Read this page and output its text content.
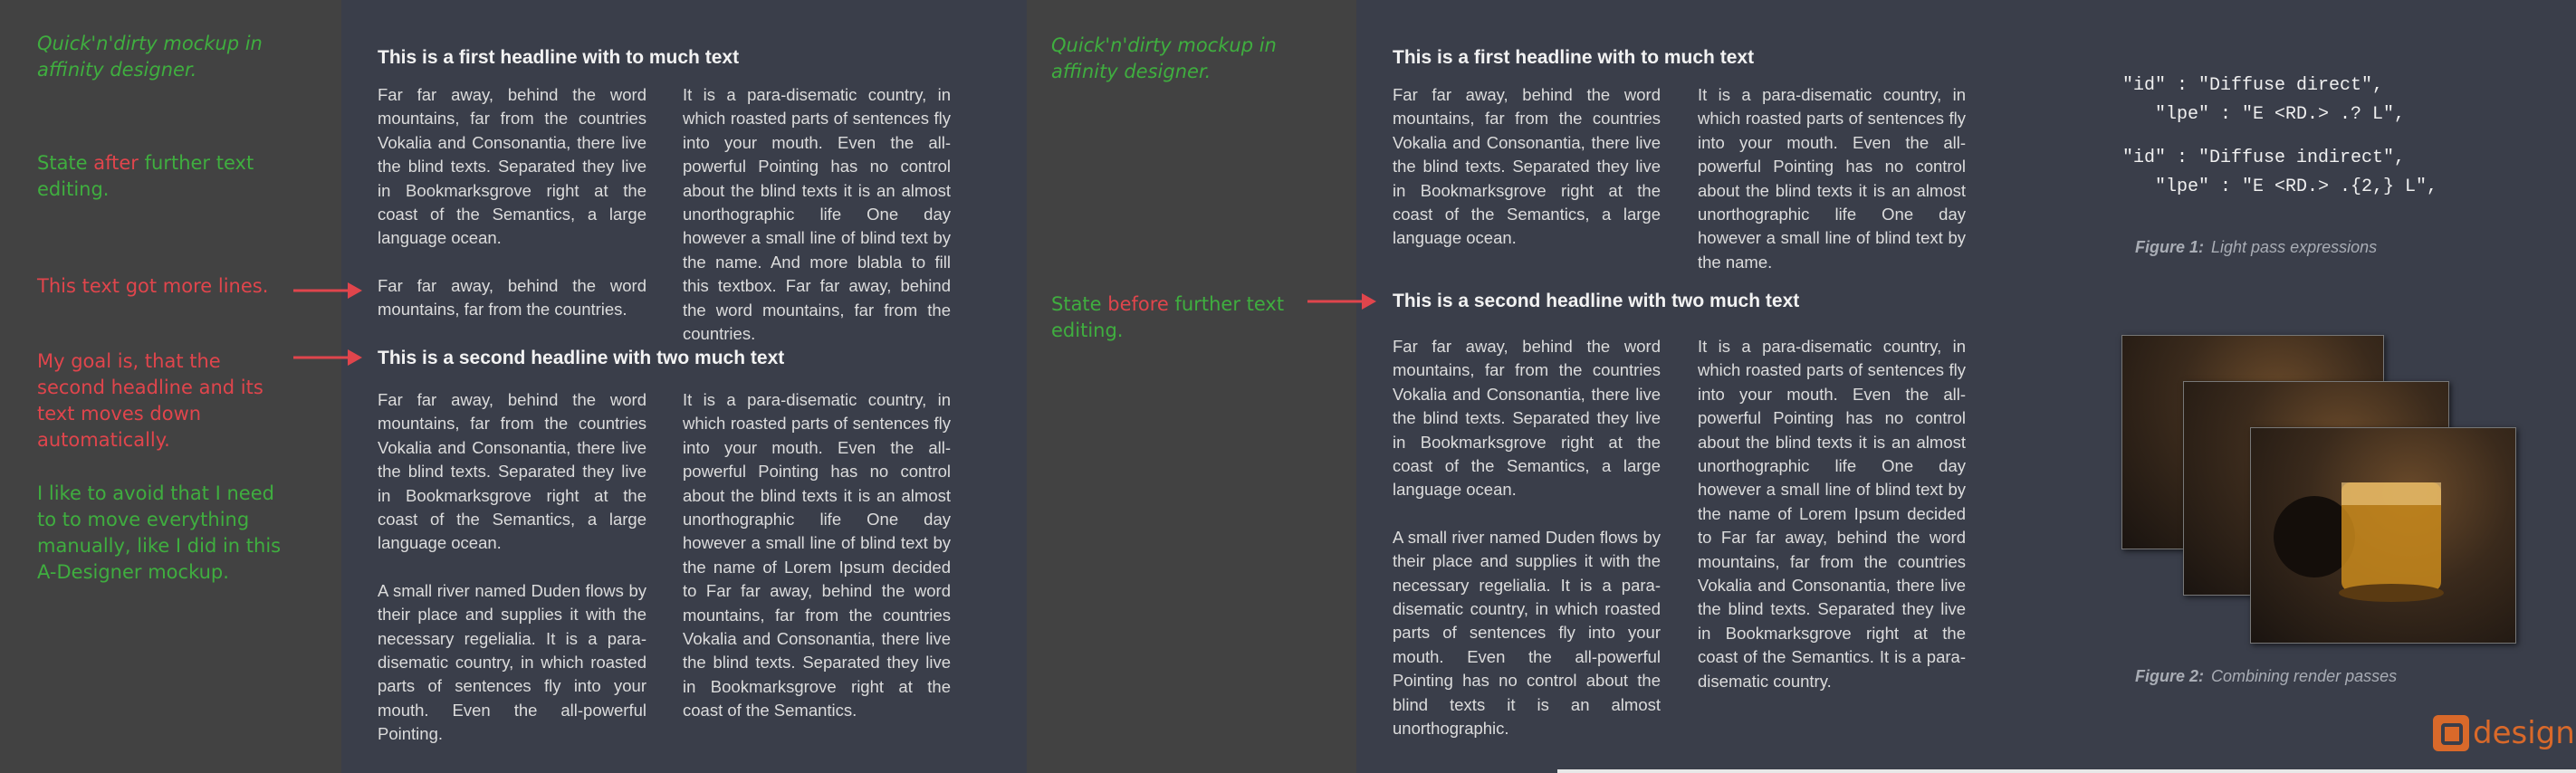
Quick'n'dirty mockup in affinity designer.
State after further text editing.
This text got more lines.
My goal is, that the second headline and its text moves down automatically.
I like to avoid that I need to to move everything manually, like I did in this A-Designer mockup.
This is a first headline with to much text

Far far away, behind the word mountains, far from the countries Vokalia and Consonantia, there live the blind texts. Separated they live in Bookmarksgrove right at the coast of the Semantics, a large language ocean.

Far far away, behind the word mountains, far from the countries.

It is a para-disematic country, in which roasted parts of sentences fly into your mouth. Even the all-powerful Pointing has no control about the blind texts it is an almost unorthographic life One day however a small line of blind text by the name. And more blabla to fill this textbox. Far far away, behind the word mountains, far from the countries.

This is a second headline with two much text

Far far away, behind the word mountains, far from the countries Vokalia and Consonantia, there live the blind texts. Separated they live in Bookmarksgrove right at the coast of the Semantics, a large language ocean.

A small river named Duden flows by their place and supplies it with the necessary regelialia. It is a para-disematic country, in which roasted parts of sentences fly into your mouth. Even the all-powerful Pointing.

It is a para-disematic country, in which roasted parts of sentences fly into your mouth. Even the all-powerful Pointing has no control about the blind texts it is an almost unorthographic life One day however a small line of blind text by the name of Lorem Ipsum decided to Far far away, behind the word mountains, far from the countries Vokalia and Consonantia, there live the blind texts. Separated they live in Bookmarksgrove right at the coast of the Semantics.

Quick'n'dirty mockup in affinity designer.
State before further text editing.
This is a first headline with to much text

Far far away, behind the word mountains, far from the countries Vokalia and Consonantia, there live the blind texts. Separated they live in Bookmarksgrove right at the coast of the Semantics, a large language ocean.

It is a para-disematic country, in which roasted parts of sentences fly into your mouth. Even the all-powerful Pointing has no control about the blind texts it is an almost unorthographic life One day however a small line of blind text by the name.

This is a second headline with two much text

Far far away, behind the word mountains, far from the countries Vokalia and Consonantia, there live the blind texts. Separated they live in Bookmarksgrove right at the coast of the Semantics, a large language ocean.

A small river named Duden flows by their place and supplies it with the necessary regelialia. It is a para-disematic country, in which roasted parts of sentences fly into your mouth. Even the all-powerful Pointing has no control about the blind texts it is an almost unorthographic.

It is a para-disematic country, in which roasted parts of sentences fly into your mouth. Even the all-powerful Pointing has no control about the blind texts it is an almost unorthographic life One day however a small line of blind text by the name of Lorem Ipsum decided to Far far away, behind the word mountains, far from the countries Vokalia and Consonantia, there live the blind texts. Separated they live in Bookmarksgrove right at the coast of the Semantics. It is a para-disematic country.

"id" : "Diffuse direct",
"lpe" : "E <RD.> .? L",
"id" : "Diffuse indirect",
"lpe" : "E <RD.> .{2,} L",
Figure 1: Light pass expressions
Figure 2: Combining render passes
design
